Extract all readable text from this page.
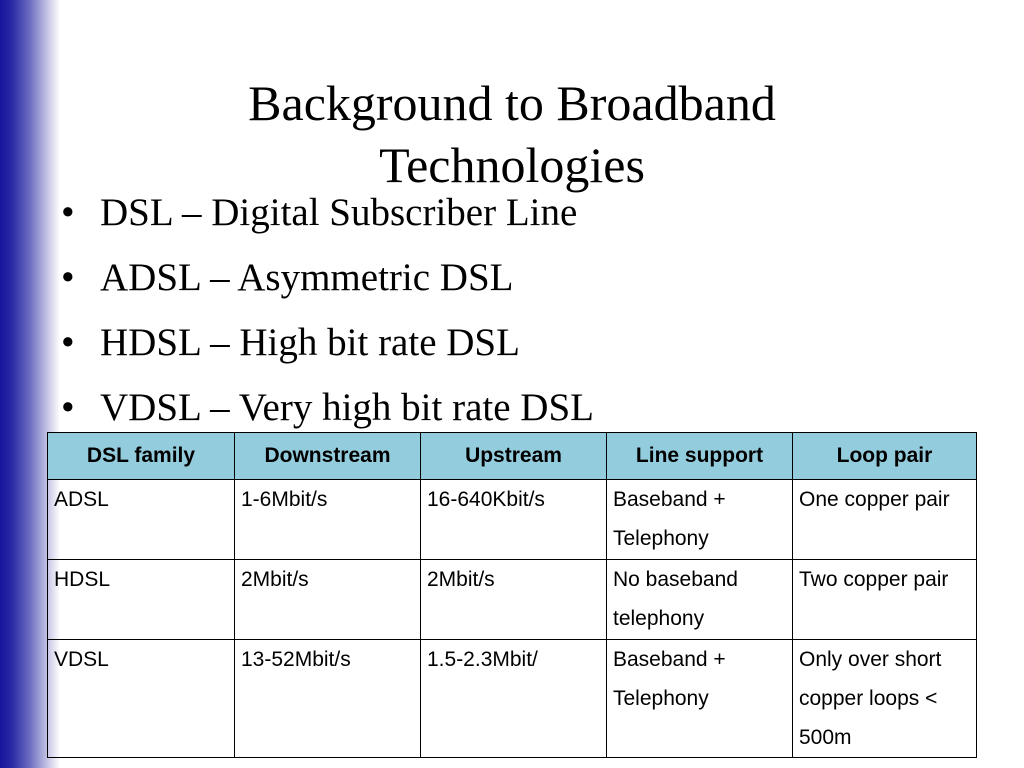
Background to Broadband Technologies
• DSL – Digital Subscriber Line
• ADSL – Asymmetric DSL
• HDSL – High bit rate DSL
• VDSL – Very high bit rate DSL
DSL family	Downstream	Upstream	Line support	Loop pair
ADSL	1-6Mbit/s	16-640Kbit/s	Baseband + Telephony	One copper pair
HDSL	2Mbit/s	2Mbit/s	No baseband telephony	Two copper pair
VDSL	13-52Mbit/s	1.5-2.3Mbit/	Baseband + Telephony	Only over short copper loops < 500m
